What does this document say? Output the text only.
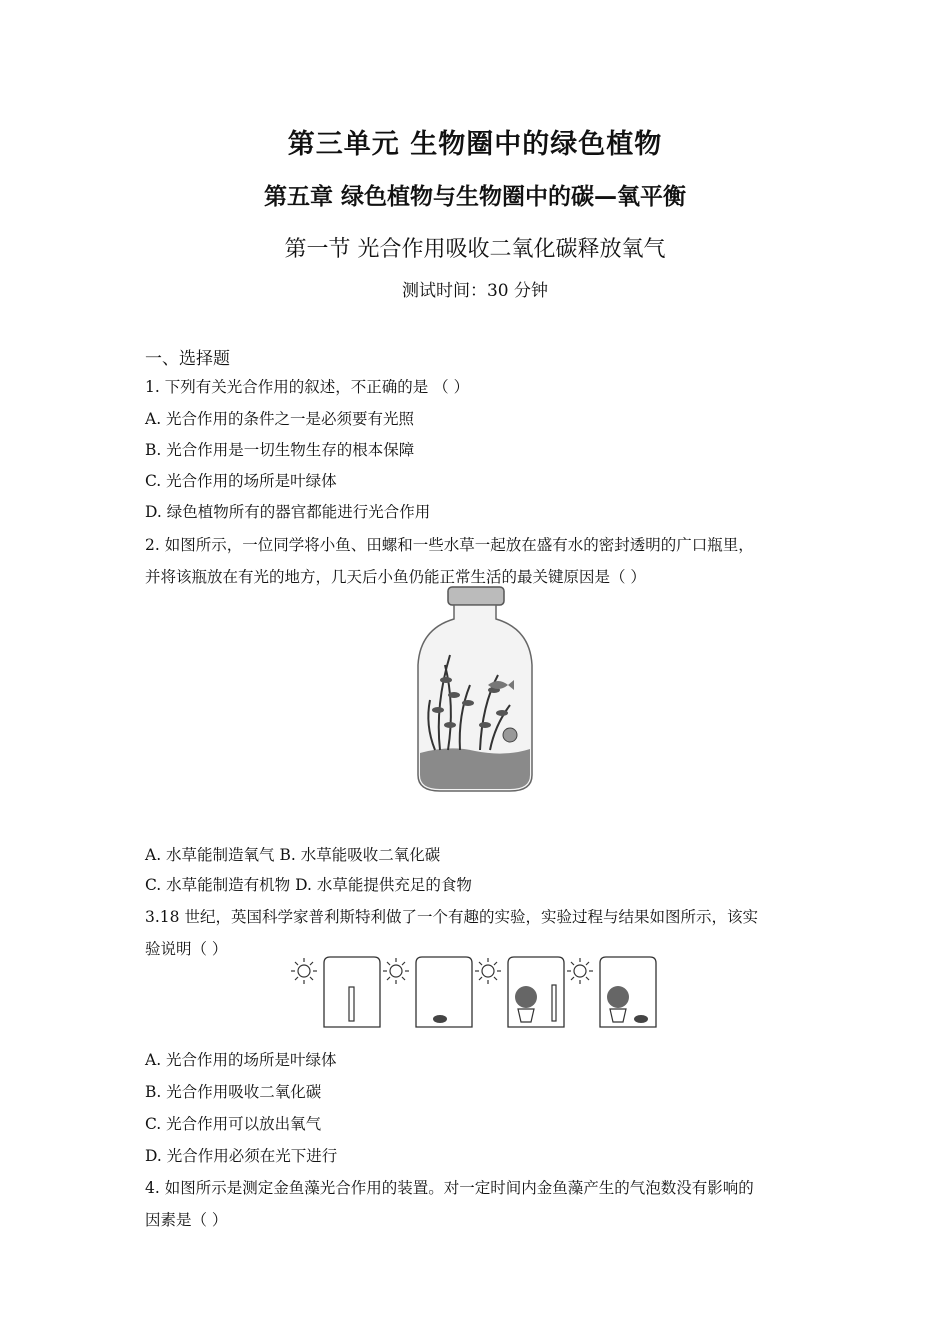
第三单元 生物圈中的绿色植物
第五章 绿色植物与生物圈中的碳—氧平衡
第一节 光合作用吸收二氧化碳释放氧气
测试时间：30 分钟
一、选择题
1. 下列有关光合作用的叙述，不正确的是 （ ）
A. 光合作用的条件之一是必须要有光照
B. 光合作用是一切生物生存的根本保障
C. 光合作用的场所是叶绿体
D. 绿色植物所有的器官都能进行光合作用
2. 如图所示，一位同学将小鱼、田螺和一些水草一起放在盛有水的密封透明的广口瓶里，
并将该瓶放在有光的地方，几天后小鱼仍能正常生活的最关键原因是（ ）
A. 水草能制造氧气 B. 水草能吸收二氧化碳
C. 水草能制造有机物 D. 水草能提供充足的食物
3.18 世纪，英国科学家普利斯特利做了一个有趣的实验，实验过程与结果如图所示，该实
验说明（ ）
A. 光合作用的场所是叶绿体
B. 光合作用吸收二氧化碳
C. 光合作用可以放出氧气
D. 光合作用必须在光下进行
4. 如图所示是测定金鱼藻光合作用的装置。对一定时间内金鱼藻产生的气泡数没有影响的
因素是（ ）
